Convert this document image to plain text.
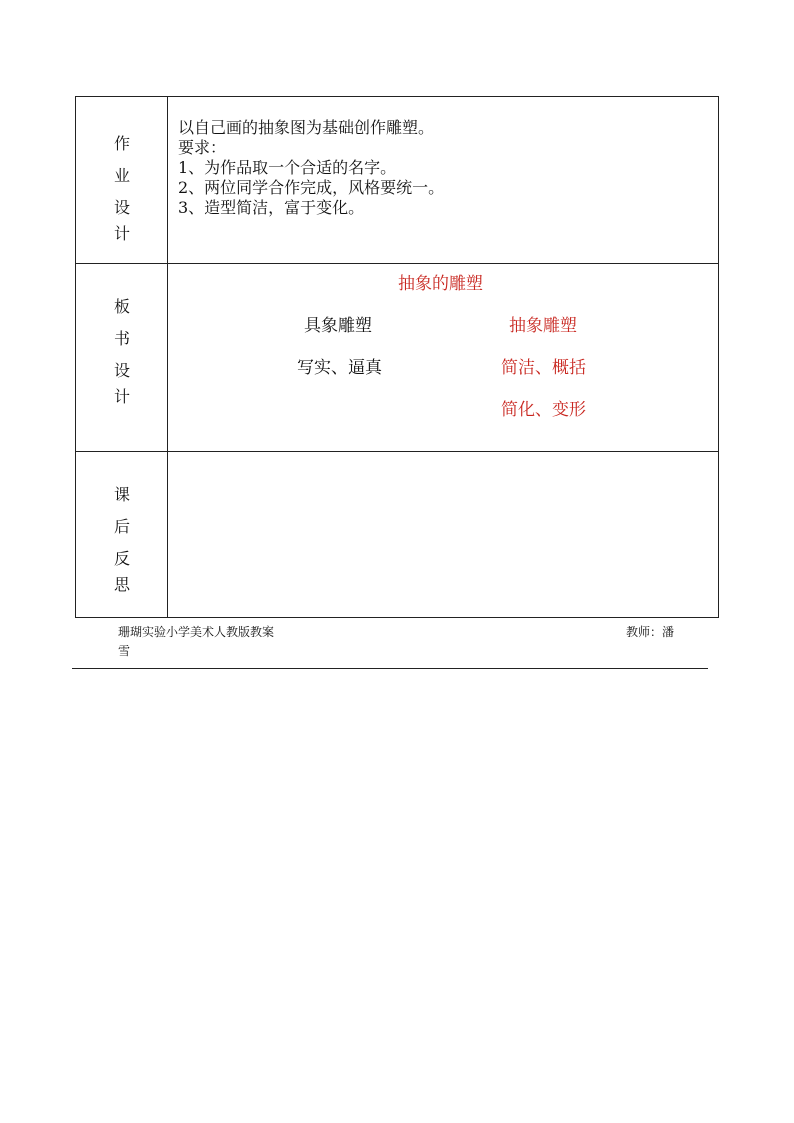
作
业
设
计
以自己画的抽象图为基础创作雕塑。
要求：
1、为作品取一个合适的名字。
2、两位同学合作完成，风格要统一。
3、造型简洁，富于变化。
板
书
设
计
抽象的雕塑
具象雕塑
写实、逼真
抽象雕塑
简洁、概括
简化、变形
课
后
反
思
珊瑚实验小学美术人教版教案
雪
教师：潘
